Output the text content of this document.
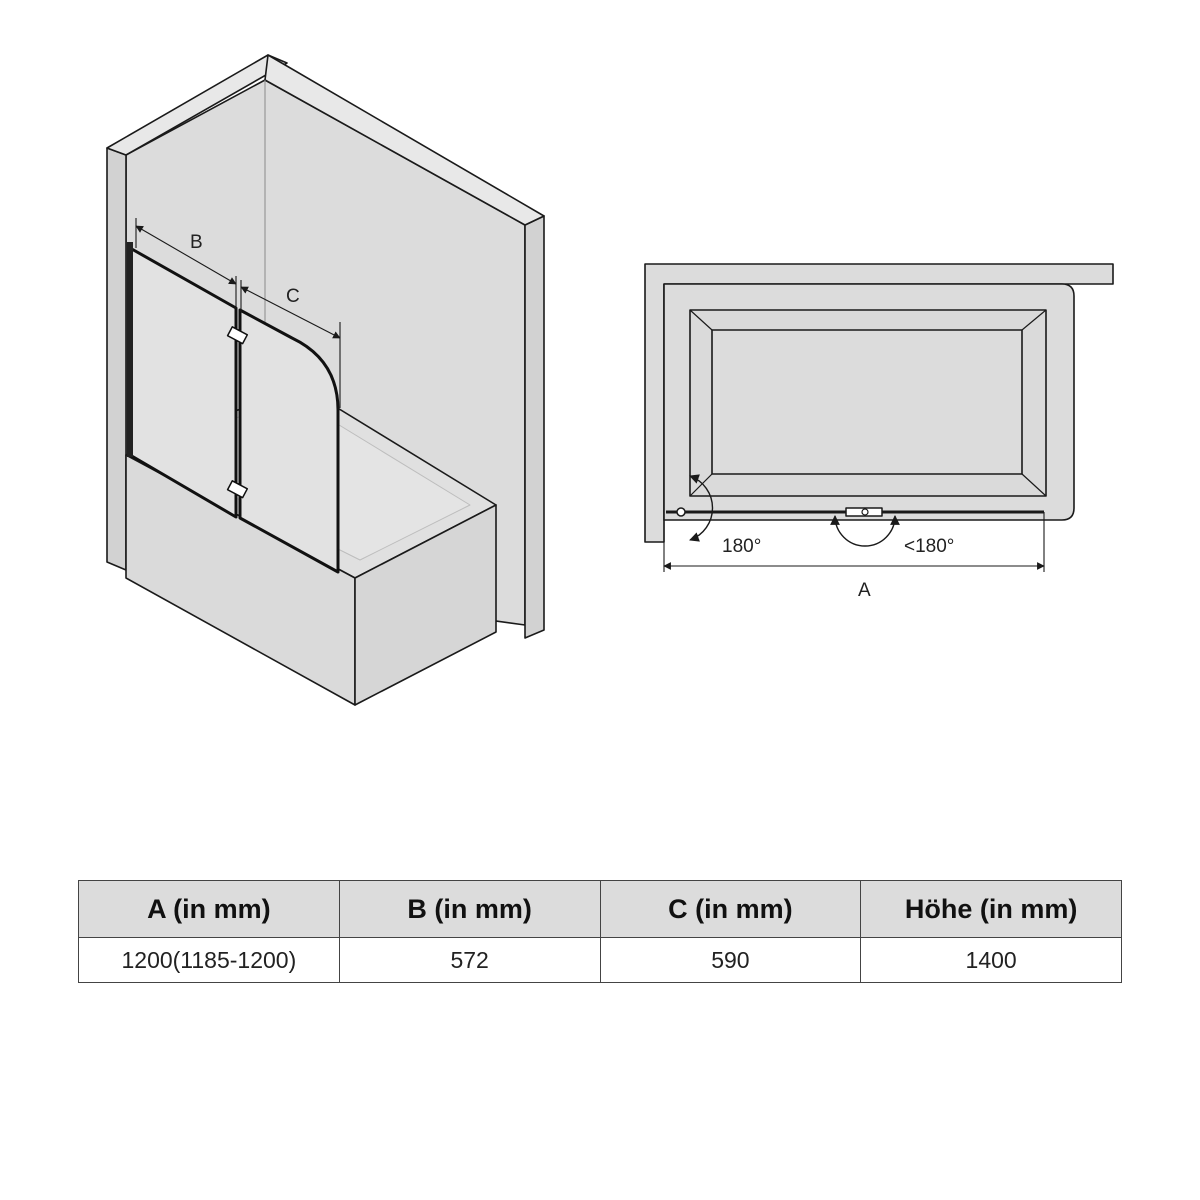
B
C
180°	<180°
A
A (in mm)	B (in mm)	C (in mm)	Höhe (in mm)
1200(1185-1200)	572	590	1400
